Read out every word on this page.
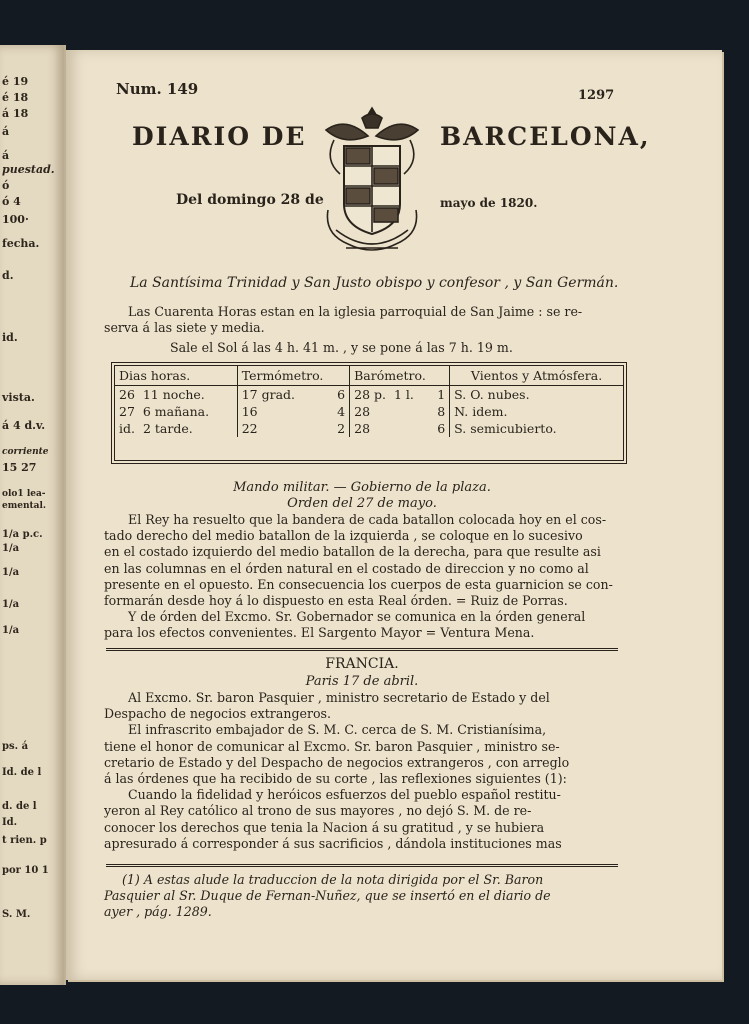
é 19
é 18
á 18
á
á
puestad.
ó
ó 4
100·
fecha.
d.
id.
vista.
á 4 d.v.
corriente
15 27
olo1 lea-
emental.
1/a p.c.
1/a
1/a
1/a
1/a
ps. á
Id. de l
d. de l
Id.
t rien. p
por 10 1
S. M.
Num. 149	1297
DIARIO DE	BARCELONA,
Del domingo 28 de	mayo de 1820.
La Santísima Trinidad y San Justo obispo y confesor , y San Germán.
Las Cuarenta Horas estan en la iglesia parroquial de San Jaime : se re-
serva á las siete y media.
Sale el Sol á las 4 h. 41 m. , y se pone á las 7 h. 19 m.
Dias horas.	Termómetro.	Barómetro.	Vientos y Atmósfera.
26 11 noche.	17 grad. 6	28 p. 1 l. 1	S. O. nubes.
27 6 mañana.	16 4	28 8	N. idem.
id. 2 tarde.	22 2	28 6	S. semicubierto.
Mando militar. — Gobierno de la plaza.
Orden del 27 de mayo.
El Rey ha resuelto que la bandera de cada batallon colocada hoy en el cos-
tado derecho del medio batallon de la izquierda , se coloque en lo sucesivo
en el costado izquierdo del medio batallon de la derecha, para que resulte asi
en las columnas en el órden natural en el costado de direccion y no como al
presente en el opuesto. En consecuencia los cuerpos de esta guarnicion se con-
formarán desde hoy á lo dispuesto en esta Real órden. = Ruiz de Porras.
Y de órden del Excmo. Sr. Gobernador se comunica en la órden general
para los efectos convenientes. El Sargento Mayor = Ventura Mena.
FRANCIA.
Paris 17 de abril.
Al Excmo. Sr. baron Pasquier , ministro secretario de Estado y del
Despacho de negocios extrangeros.
El infrascrito embajador de S. M. C. cerca de S. M. Cristianísima,
tiene el honor de comunicar al Excmo. Sr. baron Pasquier , ministro se-
cretario de Estado y del Despacho de negocios extrangeros , con arreglo
á las órdenes que ha recibido de su corte , las reflexiones siguientes (1):
Cuando la fidelidad y heróicos esfuerzos del pueblo español restitu-
yeron al Rey católico al trono de sus mayores , no dejó S. M. de re-
conocer los derechos que tenia la Nacion á su gratitud , y se hubiera
apresurado á corresponder á sus sacrificios , dándola instituciones mas
(1) A estas alude la traduccion de la nota dirigida por el Sr. Baron
Pasquier al Sr. Duque de Fernan-Nuñez, que se insertó en el diario de
ayer , pág. 1289.
